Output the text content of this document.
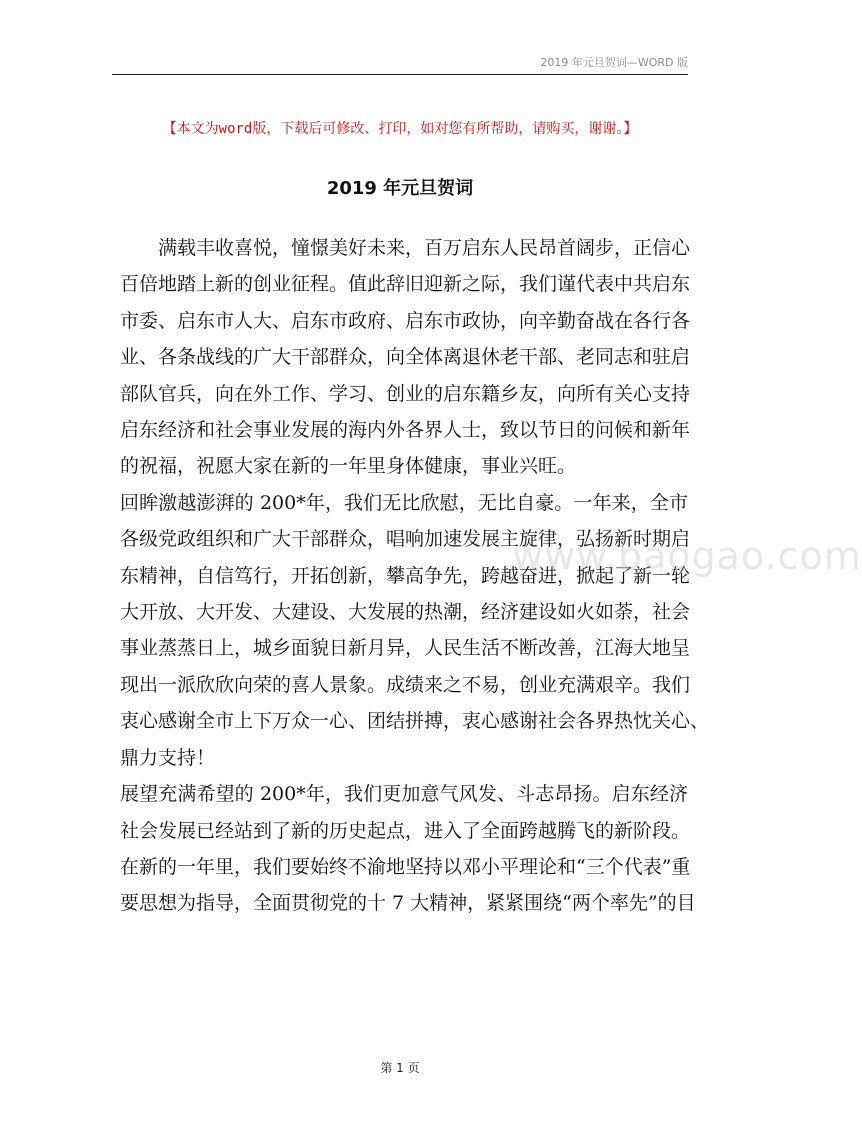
2019 年元旦贺词—WORD 版
【本文为word版，下载后可修改、打印，如对您有所帮助，请购买，谢谢。】
2019 年元旦贺词
满载丰收喜悦，憧憬美好未来，百万启东人民昂首阔步，正信心
百倍地踏上新的创业征程。值此辞旧迎新之际，我们谨代表中共启东
市委、启东市人大、启东市政府、启东市政协，向辛勤奋战在各行各
业、各条战线的广大干部群众，向全体离退休老干部、老同志和驻启
部队官兵，向在外工作、学习、创业的启东籍乡友，向所有关心支持
启东经济和社会事业发展的海内外各界人士，致以节日的问候和新年
的祝福，祝愿大家在新的一年里身体健康，事业兴旺。
回眸激越澎湃的 200*年，我们无比欣慰，无比自豪。一年来，全市
各级党政组织和广大干部群众，唱响加速发展主旋律，弘扬新时期启
东精神，自信笃行，开拓创新，攀高争先，跨越奋进，掀起了新一轮
大开放、大开发、大建设、大发展的热潮，经济建设如火如荼，社会
事业蒸蒸日上，城乡面貌日新月异，人民生活不断改善，江海大地呈
现出一派欣欣向荣的喜人景象。成绩来之不易，创业充满艰辛。我们
衷心感谢全市上下万众一心、团结拼搏，衷心感谢社会各界热忱关心、
鼎力支持！
展望充满希望的 200*年，我们更加意气风发、斗志昂扬。启东经济
社会发展已经站到了新的历史起点，进入了全面跨越腾飞的新阶段。
在新的一年里，我们要始终不渝地坚持以邓小平理论和“三个代表”重
要思想为指导，全面贯彻党的十 7 大精神，紧紧围绕“两个率先”的目
www.baogao.com
第 1 页
